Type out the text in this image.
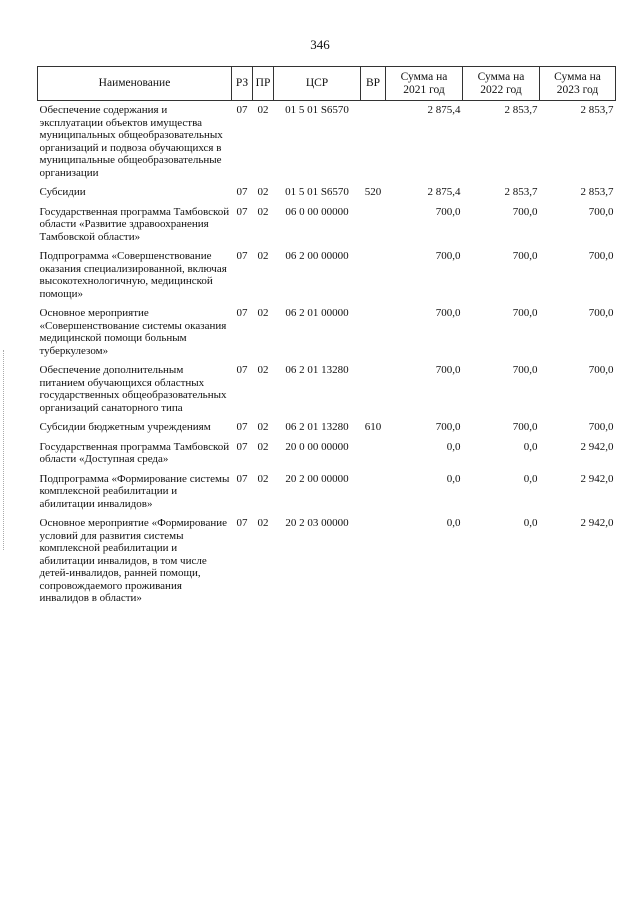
346
Наименование	РЗ	ПР	ЦСР	ВР	Сумма на 2021 год	Сумма на 2022 год	Сумма на 2023 год
Обеспечение содержания и эксплуатации объектов имущества муниципальных общеобразовательных организаций и подвоза обучающихся в муниципальные общеобразовательные организации	07	02	01 5 01 S6570		2 875,4	2 853,7	2 853,7
Субсидии	07	02	01 5 01 S6570	520	2 875,4	2 853,7	2 853,7
Государственная программа Тамбовской области «Развитие здравоохранения Тамбовской области»	07	02	06 0 00 00000		700,0	700,0	700,0
Подпрограмма «Совершенствование оказания специализированной, включая высокотехнологичную, медицинской помощи»	07	02	06 2 00 00000		700,0	700,0	700,0
Основное мероприятие «Совершенствование системы оказания медицинской помощи больным туберкулезом»	07	02	06 2 01 00000		700,0	700,0	700,0
Обеспечение дополнительным питанием обучающихся областных государственных общеобразовательных организаций санаторного типа	07	02	06 2 01 13280		700,0	700,0	700,0
Субсидии бюджетным учреждениям	07	02	06 2 01 13280	610	700,0	700,0	700,0
Государственная программа Тамбовской области «Доступная среда»	07	02	20 0 00 00000		0,0	0,0	2 942,0
Подпрограмма «Формирование системы комплексной реабилитации и абилитации инвалидов»	07	02	20 2 00 00000		0,0	0,0	2 942,0
Основное мероприятие «Формирование условий для развития системы комплексной реабилитации и абилитации инвалидов, в том числе детей-инвалидов, ранней помощи, сопровождаемого проживания инвалидов в области»	07	02	20 2 03 00000		0,0	0,0	2 942,0
